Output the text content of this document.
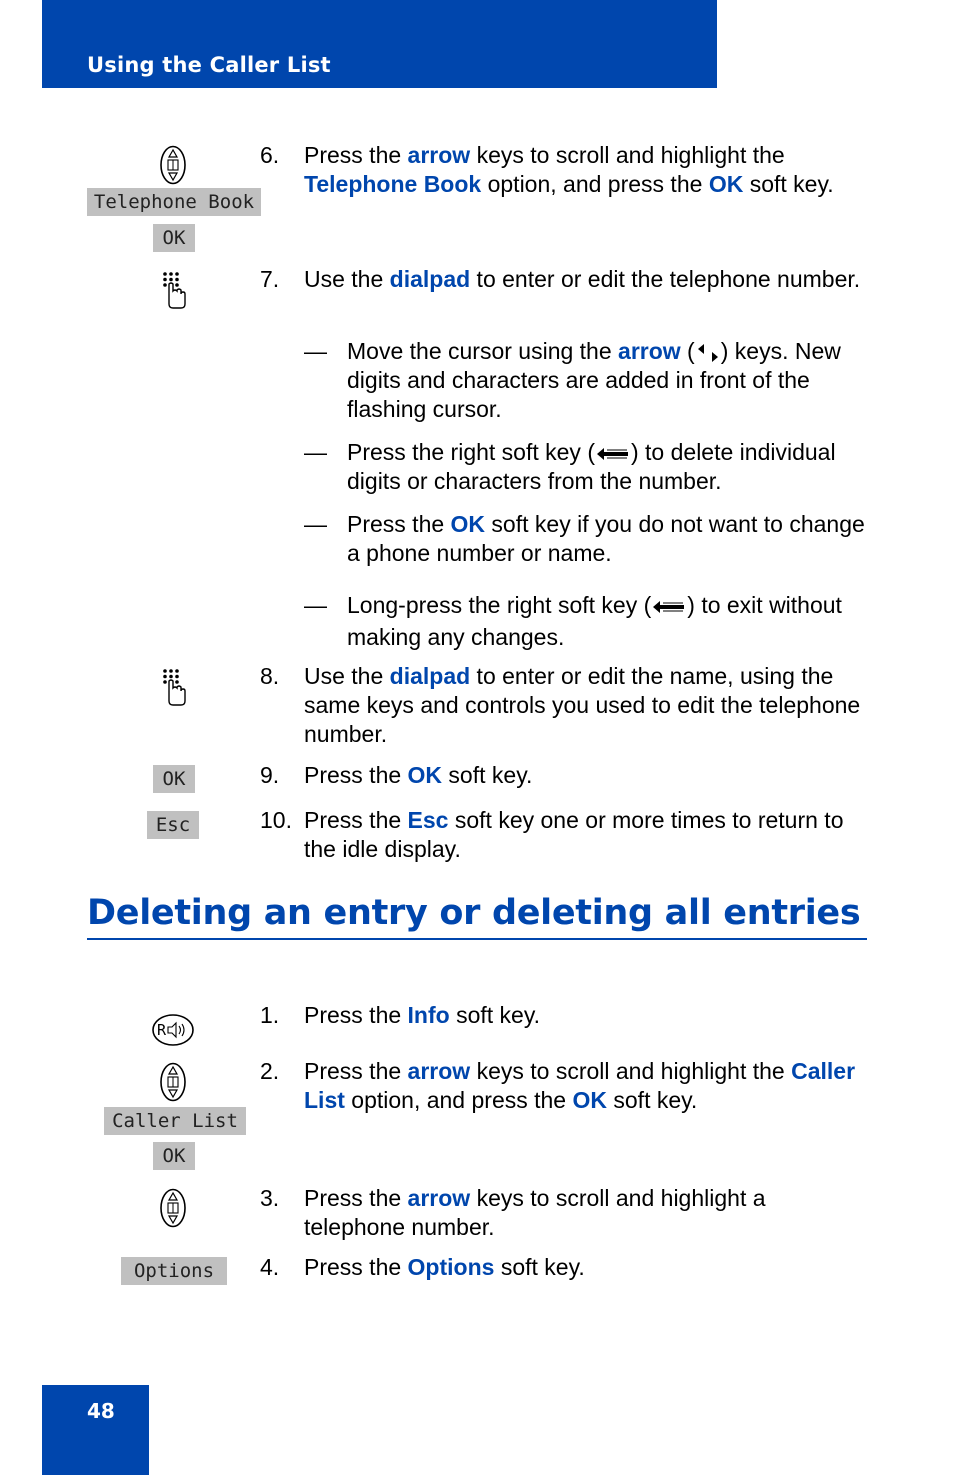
Using the Caller List
Telephone Book
OK
6. Press the arrow keys to scroll and highlight the Telephone Book option, and press the OK soft key.
7. Use the dialpad to enter or edit the telephone number.
— Move the cursor using the arrow ( ) keys. New digits and characters are added in front of the flashing cursor.
— Press the right soft key ( ) to delete individual digits or characters from the number.
— Press the OK soft key if you do not want to change a phone number or name.
— Long-press the right soft key ( ) to exit without making any changes.
8. Use the dialpad to enter or edit the name, using the same keys and controls you used to edit the telephone number.
OK	9. Press the OK soft key.
Esc	10. Press the Esc soft key one or more times to return to the idle display.
Deleting an entry or deleting all entries
R
1. Press the Info soft key.
Caller List
OK
2. Press the arrow keys to scroll and highlight the Caller List option, and press the OK soft key.
3. Press the arrow keys to scroll and highlight a telephone number.
Options	4. Press the Options soft key.
48
